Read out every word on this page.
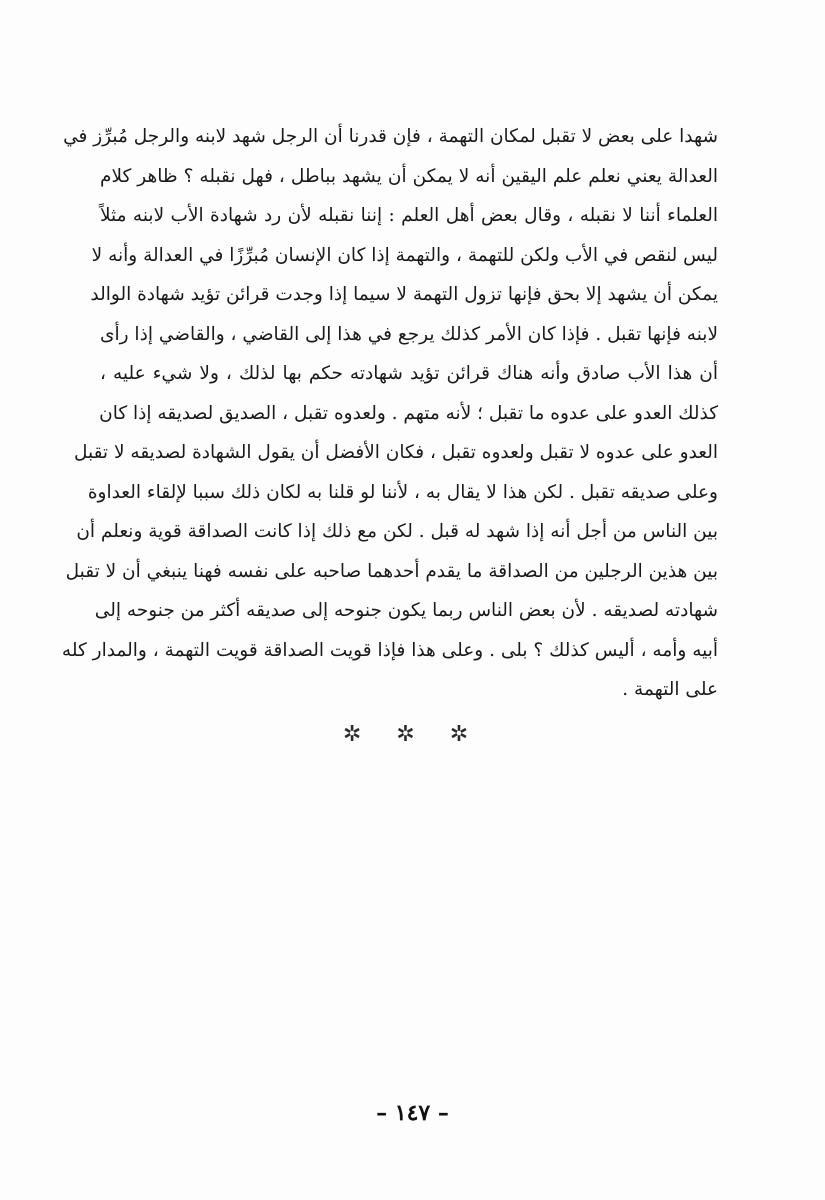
شهدا على بعض لا تقبل لمكان التهمة ، فإن قدرنا أن الرجل شهد لابنه والرجل مُبرِّز في
العدالة يعني نعلم علم اليقين أنه لا يمكن أن يشهد بباطل ، فهل نقبله ؟ ظاهر كلام
العلماء أننا لا نقبله ، وقال بعض أهل العلم : إننا نقبله لأن رد شهادة الأب لابنه مثلاً
ليس لنقص في الأب ولكن للتهمة ، والتهمة إذا كان الإنسان مُبرِّزًا في العدالة وأنه لا
يمكن أن يشهد إلا بحق فإنها تزول التهمة لا سيما إذا وجدت قرائن تؤيد شهادة الوالد
لابنه فإنها تقبل . فإذا كان الأمر كذلك يرجع في هذا إلى القاضي ، والقاضي إذا رأى
أن هذا الأب صادق وأنه هناك قرائن تؤيد شهادته حكم بها لذلك ، ولا شيء عليه ،
كذلك العدو على عدوه ما تقبل ؛ لأنه متهم . ولعدوه تقبل ، الصديق لصديقه إذا كان
العدو على عدوه لا تقبل ولعدوه تقبل ، فكان الأفضل أن يقول الشهادة لصديقه لا تقبل
وعلى صديقه تقبل . لكن هذا لا يقال به ، لأننا لو قلنا به لكان ذلك سببا لإلقاء العداوة
بين الناس من أجل أنه إذا شهد له قبل . لكن مع ذلك إذا كانت الصداقة قوية ونعلم أن
بين هذين الرجلين من الصداقة ما يقدم أحدهما صاحبه على نفسه فهنا ينبغي أن لا تقبل
شهادته لصديقه . لأن بعض الناس ربما يكون جنوحه إلى صديقه أكثر من جنوحه إلى
أبيه وأمه ، أليس كذلك ؟ بلى . وعلى هذا فإذا قويت الصداقة قويت التهمة ، والمدار كله
على التهمة .
✲ ✲ ✲
– ١٤٧ –
